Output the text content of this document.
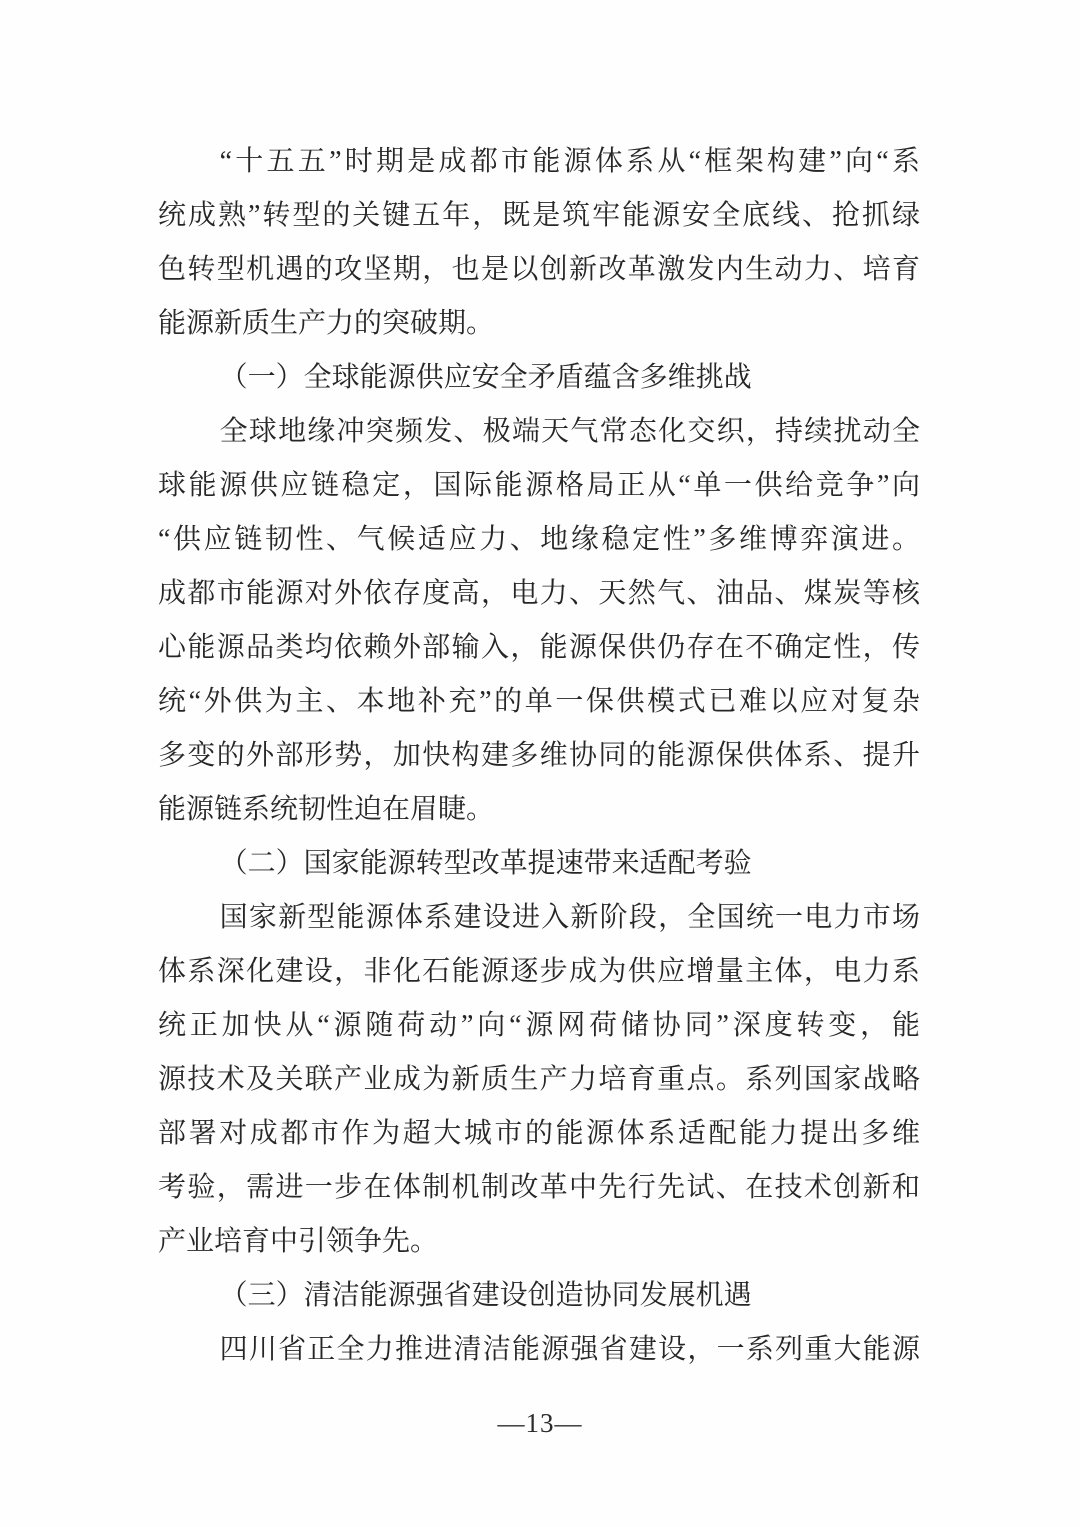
“十五五”时期是成都市能源体系从“框架构建”向“系
统成熟”转型的关键五年，既是筑牢能源安全底线、抢抓绿
色转型机遇的攻坚期，也是以创新改革激发内生动力、培育
能源新质生产力的突破期。
（一）全球能源供应安全矛盾蕴含多维挑战
全球地缘冲突频发、极端天气常态化交织，持续扰动全
球能源供应链稳定，国际能源格局正从“单一供给竞争”向
“供应链韧性、气候适应力、地缘稳定性”多维博弈演进。
成都市能源对外依存度高，电力、天然气、油品、煤炭等核
心能源品类均依赖外部输入，能源保供仍存在不确定性，传
统“外供为主、本地补充”的单一保供模式已难以应对复杂
多变的外部形势，加快构建多维协同的能源保供体系、提升
能源链系统韧性迫在眉睫。
（二）国家能源转型改革提速带来适配考验
国家新型能源体系建设进入新阶段，全国统一电力市场
体系深化建设，非化石能源逐步成为供应增量主体，电力系
统正加快从“源随荷动”向“源网荷储协同”深度转变，能
源技术及关联产业成为新质生产力培育重点。系列国家战略
部署对成都市作为超大城市的能源体系适配能力提出多维
考验，需进一步在体制机制改革中先行先试、在技术创新和
产业培育中引领争先。
（三）清洁能源强省建设创造协同发展机遇
四川省正全力推进清洁能源强省建设，一系列重大能源
—13—
